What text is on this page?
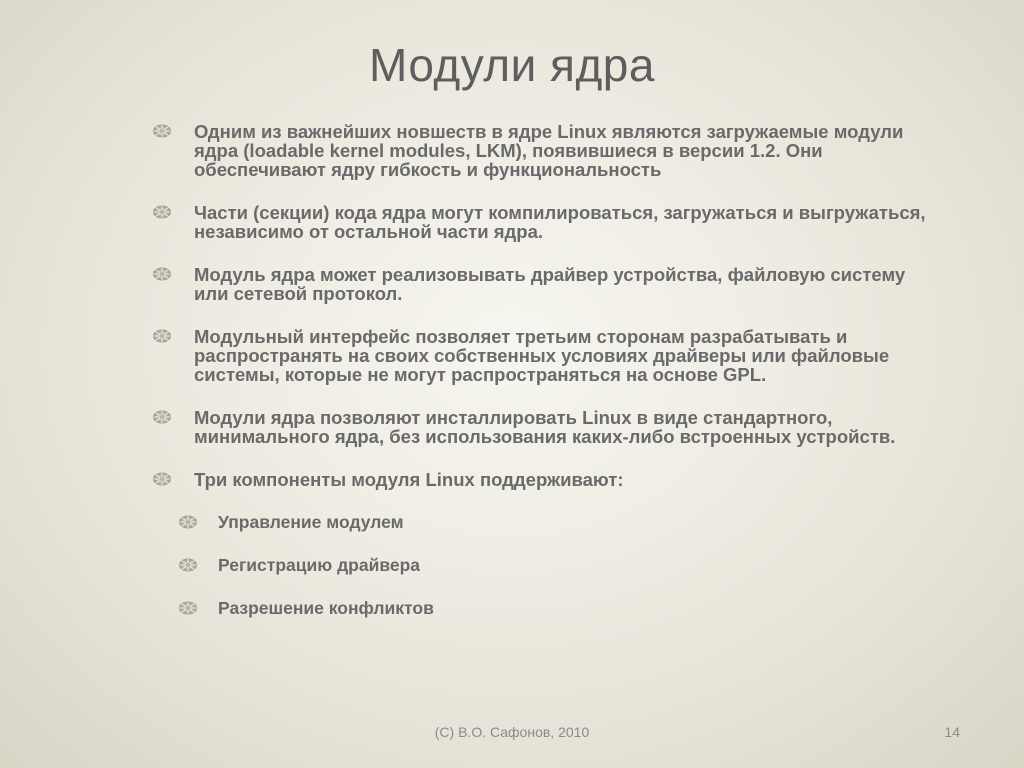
Модули ядра
Одним из важнейших новшеств в ядре Linux являются загружаемые модули ядра (loadable kernel modules, LKM), появившиеся в версии 1.2. Они обеспечивают ядру гибкость и функциональность
Части (секции) кода ядра могут компилироваться, загружаться и выгружаться, независимо от остальной части ядра.
Модуль ядра может реализовывать драйвер устройства, файловую систему или сетевой протокол.
Модульный интерфейс позволяет третьим сторонам разрабатывать и распространять на своих собственных условиях драйверы или файловые системы, которые не могут распространяться на основе GPL.
Модули ядра позволяют инсталлировать Linux в виде стандартного, минимального ядра, без использования каких-либо встроенных устройств.
Три компоненты модуля Linux поддерживают:
Управление модулем
Регистрацию драйвера
Разрешение конфликтов
(C) В.О. Сафонов, 2010	14
